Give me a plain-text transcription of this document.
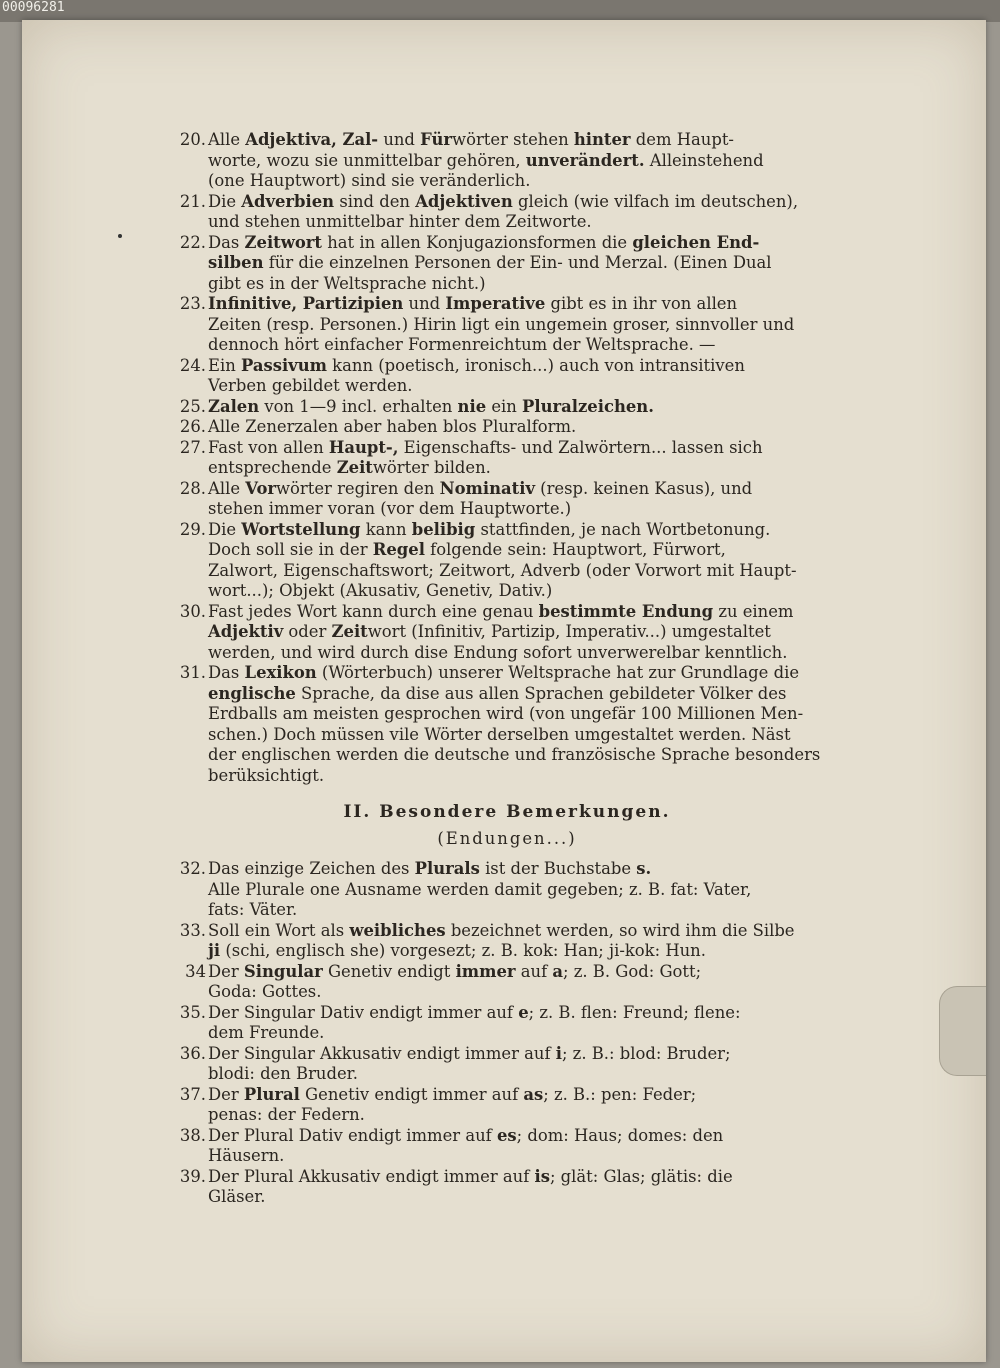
00096281
20. Alle Adjektiva, Zal- und Fürwörter stehen hinter dem Haupt-
worte, wozu sie unmittelbar gehören, unverändert. Alleinstehend
(one Hauptwort) sind sie veränderlich.
21. Die Adverbien sind den Adjektiven gleich (wie vilfach im deutschen),
und stehen unmittelbar hinter dem Zeitworte.
22. Das Zeitwort hat in allen Konjugazionsformen die gleichen End-
silben für die einzelnen Personen der Ein- und Merzal. (Einen Dual
gibt es in der Weltsprache nicht.)
23. Infinitive, Partizipien und Imperative gibt es in ihr von allen
Zeiten (resp. Personen.) Hirin ligt ein ungemein groser, sinnvoller und
dennoch hört einfacher Formenreichtum der Weltsprache. —
24. Ein Passivum kann (poetisch, ironisch...) auch von intransitiven
Verben gebildet werden.
25. Zalen von 1—9 incl. erhalten nie ein Pluralzeichen.
26. Alle Zenerzalen aber haben blos Pluralform.
27. Fast von allen Haupt-, Eigenschafts- und Zalwörtern... lassen sich
entsprechende Zeitwörter bilden.
28. Alle Vorwörter regiren den Nominativ (resp. keinen Kasus), und
stehen immer voran (vor dem Hauptworte.)
29. Die Wortstellung kann belibig stattfinden, je nach Wortbetonung.
Doch soll sie in der Regel folgende sein: Hauptwort, Fürwort,
Zalwort, Eigenschaftswort; Zeitwort, Adverb (oder Vorwort mit Haupt-
wort...); Objekt (Akusativ, Genetiv, Dativ.)
30. Fast jedes Wort kann durch eine genau bestimmte Endung zu einem
Adjektiv oder Zeitwort (Infinitiv, Partizip, Imperativ...) umgestaltet
werden, und wird durch dise Endung sofort unverwerelbar kenntlich.
31. Das Lexikon (Wörterbuch) unserer Weltsprache hat zur Grundlage die
englische Sprache, da dise aus allen Sprachen gebildeter Völker des
Erdballs am meisten gesprochen wird (von ungefär 100 Millionen Men-
schen.) Doch müssen vile Wörter derselben umgestaltet werden. Näst
der englischen werden die deutsche und französische Sprache besonders
berüksichtigt.
II. Besondere Bemerkungen.
(Endungen...)
32. Das einzige Zeichen des Plurals ist der Buchstabe s.
Alle Plurale one Ausname werden damit gegeben; z. B. fat: Vater,
fats: Väter.
33. Soll ein Wort als weibliches bezeichnet werden, so wird ihm die Silbe
ji (schi, englisch she) vorgesezt; z. B. kok: Han; ji-kok: Hun.
34 Der Singular Genetiv endigt immer auf a; z. B. God: Gott;
Goda: Gottes.
35. Der Singular Dativ endigt immer auf e; z. B. flen: Freund; flene:
dem Freunde.
36. Der Singular Akkusativ endigt immer auf i; z. B.: blod: Bruder;
blodi: den Bruder.
37. Der Plural Genetiv endigt immer auf as; z. B.: pen: Feder;
penas: der Federn.
38. Der Plural Dativ endigt immer auf es; dom: Haus; domes: den
Häusern.
39. Der Plural Akkusativ endigt immer auf is; glät: Glas; glätis: die
Gläser.
